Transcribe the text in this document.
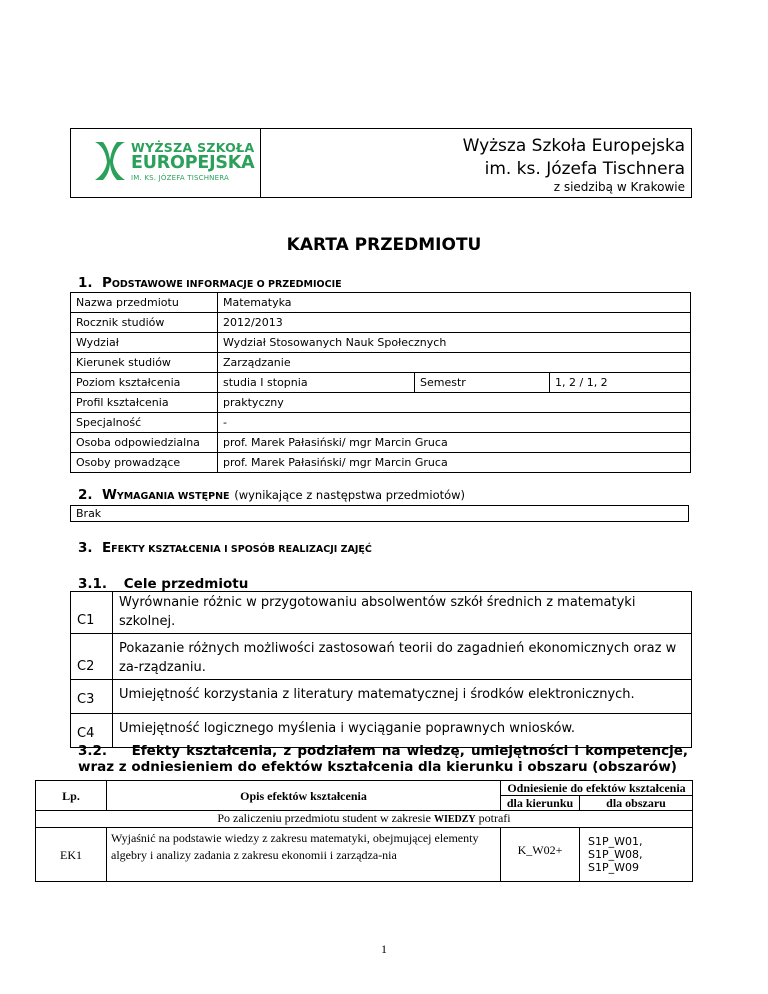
WYŻSZA SZKOŁA
EUROPEJSKA
IM. KS. JÓZEFA TISCHNERA
Wyższa Szkoła Europejska
im. ks. Józefa Tischnera
z siedzibą w Krakowie
KARTA PRZEDMIOTU
1. PODSTAWOWE INFORMACJE O PRZEDMIOCIE
Nazwa przedmiotu	Matematyka		
Rocznik studiów	2012/2013		
Wydział	Wydział Stosowanych Nauk Społecznych		
Kierunek studiów	Zarządzanie		
Poziom kształcenia	studia I stopnia	Semestr	1, 2 / 1, 2
Profil kształcenia	praktyczny		
Specjalność	-		
Osoba odpowiedzialna	prof. Marek Pałasiński/ mgr Marcin Gruca		
Osoby prowadzące	prof. Marek Pałasiński/ mgr Marcin Gruca		
2. WYMAGANIA WSTĘPNE (wynikające z następstwa przedmiotów)
Brak
3. EFEKTY KSZTAŁCENIA I SPOSÓB REALIZACJI ZAJĘĆ
3.1. Cele przedmiotu
C1	Wyrównanie różnic w przygotowaniu absolwentów szkół średnich z matematyki szkolnej.
C2	Pokazanie różnych możliwości zastosowań teorii do zagadnień ekonomicznych oraz w za-rządzaniu.
C3	Umiejętność korzystania z literatury matematycznej i środków elektronicznych.
C4	Umiejętność logicznego myślenia i wyciąganie poprawnych wniosków.
3.2. Efekty kształcenia, z podziałem na wiedzę, umiejętności i kompetencje, wraz z odniesieniem do efektów kształcenia dla kierunku i obszaru (obszarów)
Lp.	Opis efektów kształcenia	Odniesienie do efektów kształcenia	
		dla kierunku	dla obszaru
Po zaliczeniu przedmiotu student w zakresie WIEDZY potrafi			
EK1	Wyjaśnić na podstawie wiedzy z zakresu matematyki, obejmującej elementy algebry i analizy zadania z zakresu ekonomii i zarządza-nia	K_W02+	S1P_W01,
S1P_W08,
S1P_W09
1
